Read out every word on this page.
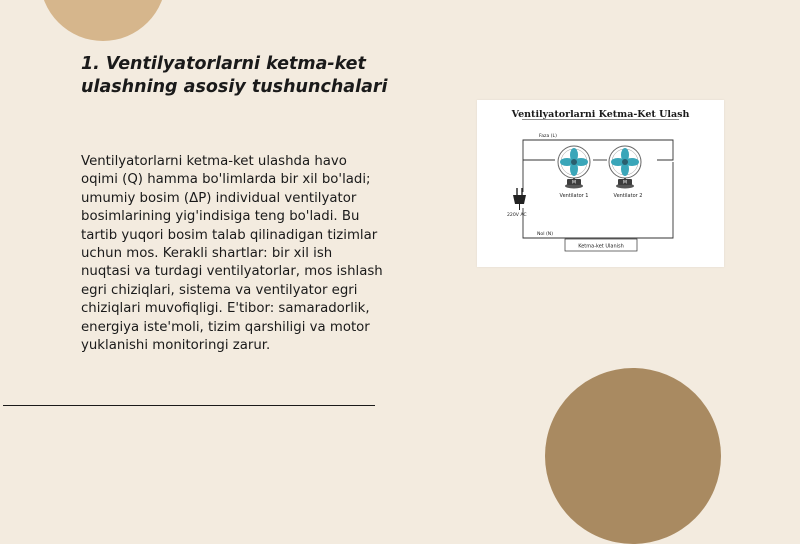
1. Ventilyatorlarni ketma-ket
ulashning asosiy tushunchalari

Ventilyatorlarni ketma-ket ulashda havo
oqimi (Q) hamma bo'limlarda bir xil bo'ladi;
umumiy bosim (ΔP) individual ventilyator
bosimlarining yig'indisiga teng bo'ladi. Bu
tartib yuqori bosim talab qilinadigan tizimlar
uchun mos. Kerakli shartlar: bir xil ish
nuqtasi va turdagi ventilyatorlar, mos ishlash
egri chiziqlari, sistema va ventilyator egri
chiziqlari muvofiqligi. E'tibor: samaradorlik,
energiya iste'moli, tizim qarshiligi va motor
yuklanishi monitoringi zarur.

Ventilyatorlarni Ketma-Ket Ulash
Faza (L)
Nol (N)
220V AC
M
Ventilator 1
M
Ventilator 2
Ketma-ket Ulanish
